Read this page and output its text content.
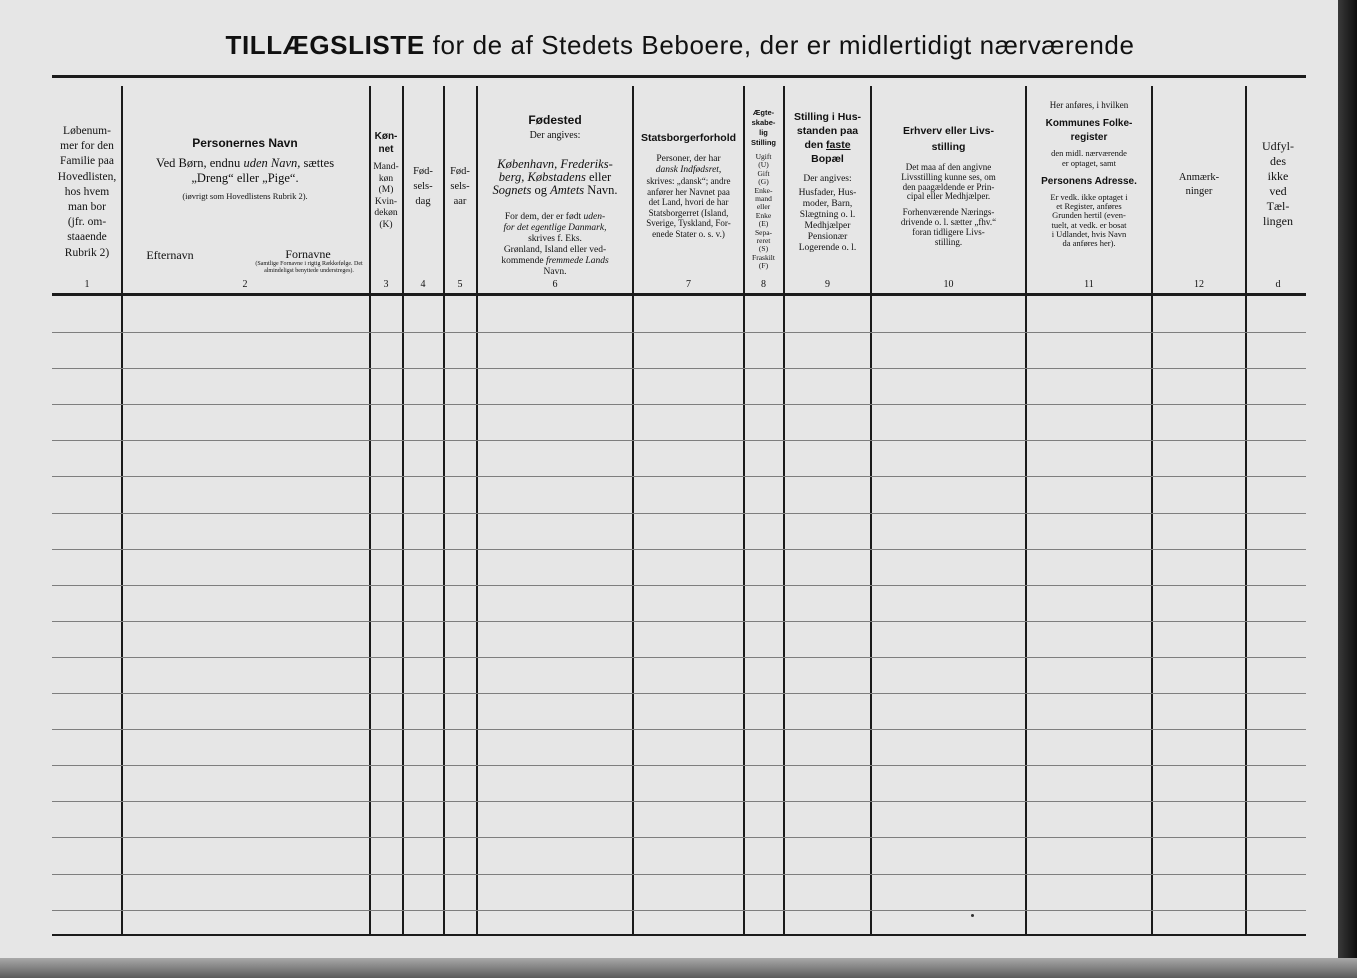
TILLÆGSLISTE for de af Stedets Beboere, der er midlertidigt nærværende
Løbenum-
mer for den
Familie paa
Hovedlisten,
hos hvem
man bor
(jfr. om-
staaende
Rubrik 2)
1
Personernes Navn
Ved Børn, endnu uden Navn, sættes
„Dreng“ eller „Pige“.
(iøvrigt som Hovedlistens Rubrik 2).
Efternavn	Fornavne
(Samtlige Fornavne i rigtig Rækkefølge. Det almindeligst benyttede understreges).
2
Køn-
net
Mand-
køn
(M)
Kvin-
dekøn
(K)
3
Fød-
sels-
dag
4
Fød-
sels-
aar
5
Fødested
Der angives:

København, Frederiks-
berg, Købstadens eller

Sognets og Amtets Navn.

For dem, der er født uden-
for det egentlige Danmark,
skrives f. Eks.
Grønland, Island eller ved-
kommende fremmede Lands
Navn.

6
Statsborgerforhold
Personer, der har
dansk Indfødsret,
skrives: „dansk“; andre
anfører her Navnet paa
det Land, hvori de har
Statsborgerret (Island,
Sverige, Tyskland, For-
enede Stater o. s. v.)
7
Ægte-
skabe-
lig
Stilling
Ugift
(U)
Gift
(G)
Enke-
mand
eller
Enke
(E)
Sepa-
reret
(S)
Fraskilt
(F)
8
Stilling i Hus-
standen paa
den faste
Bopæl
Der angives:
Husfader, Hus-
moder, Barn,
Slægtning o. l.
Medhjælper
Pensionær
Logerende o. l.
9
Erhverv eller Livs-
stilling
Det maa af den angivne
Livsstilling kunne ses, om
den paagældende er Prin-
cipal eller Medhjælper.
Forhenværende Nærings-
drivende o. l. sætter „fhv.“
foran tidligere Livs-
stilling.
10
Her anføres, i hvilken
Kommunes Folke-
register
den midl. nærværende
er optaget, samt
Personens Adresse.
Er vedk. ikke optaget i
et Register, anføres
Grunden hertil (even-
tuelt, at vedk. er bosat
i Udlandet, hvis Navn
da anføres her).
11
Anmærk-
ninger
12
Udfyl-
des
ikke
ved
Tæl-
lingen
d
